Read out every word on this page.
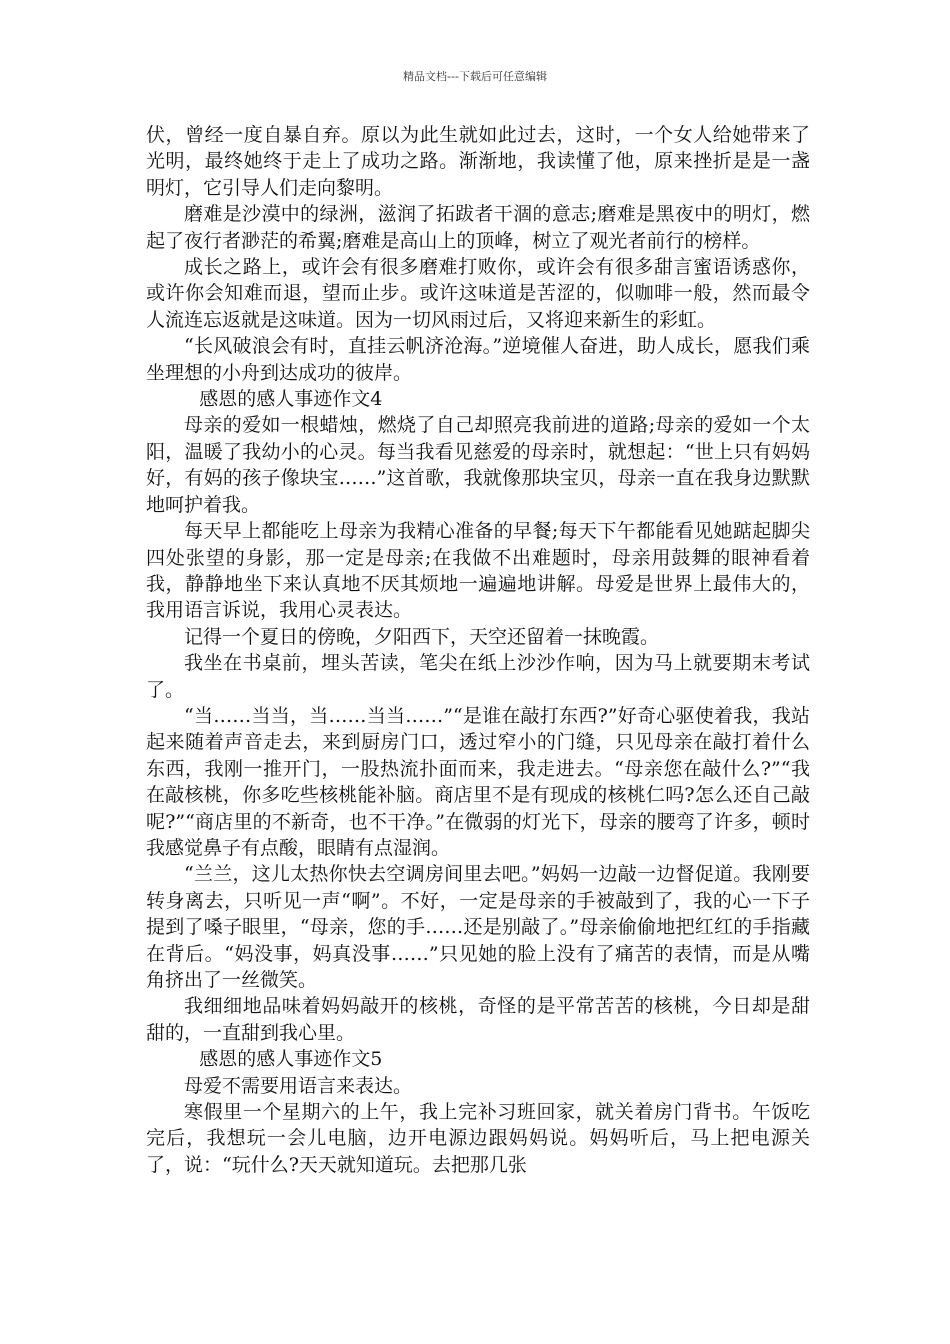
精品文档---下载后可任意编辑

伏，曾经一度自暴自弃。原以为此生就如此过去，这时，一个女人给她带来了光明，最终她终于走上了成功之路。渐渐地，我读懂了他，原来挫折是是一盏明灯，它引导人们走向黎明。

磨难是沙漠中的绿洲，滋润了拓跋者干涸的意志;磨难是黑夜中的明灯，燃起了夜行者渺茫的希翼;磨难是高山上的顶峰，树立了观光者前行的榜样。

成长之路上，或许会有很多磨难打败你，或许会有很多甜言蜜语诱惑你，或许你会知难而退，望而止步。或许这味道是苦涩的，似咖啡一般，然而最令人流连忘返就是这味道。因为一切风雨过后，又将迎来新生的彩虹。

“长风破浪会有时，直挂云帆济沧海。”逆境催人奋进，助人成长，愿我们乘坐理想的小舟到达成功的彼岸。

感恩的感人事迹作文4

母亲的爱如一根蜡烛，燃烧了自己却照亮我前进的道路;母亲的爱如一个太阳，温暖了我幼小的心灵。每当我看见慈爱的母亲时，就想起：“世上只有妈妈好，有妈的孩子像块宝……”这首歌，我就像那块宝贝，母亲一直在我身边默默地呵护着我。

每天早上都能吃上母亲为我精心准备的早餐;每天下午都能看见她踮起脚尖四处张望的身影，那一定是母亲;在我做不出难题时，母亲用鼓舞的眼神看着我，静静地坐下来认真地不厌其烦地一遍遍地讲解。母爱是世界上最伟大的，我用语言诉说，我用心灵表达。

记得一个夏日的傍晚，夕阳西下，天空还留着一抹晚霞。

我坐在书桌前，埋头苦读，笔尖在纸上沙沙作响，因为马上就要期末考试了。

“当……当当，当……当当……”“是谁在敲打东西?”好奇心驱使着我，我站起来随着声音走去，来到厨房门口，透过窄小的门缝，只见母亲在敲打着什么东西，我刚一推开门，一股热流扑面而来，我走进去。“母亲您在敲什么?”“我在敲核桃，你多吃些核桃能补脑。商店里不是有现成的核桃仁吗?怎么还自己敲呢?”“商店里的不新奇，也不干净。”在微弱的灯光下，母亲的腰弯了许多，顿时我感觉鼻子有点酸，眼睛有点湿润。

“兰兰，这儿太热你快去空调房间里去吧。”妈妈一边敲一边督促道。我刚要转身离去，只听见一声“啊”。不好，一定是母亲的手被敲到了，我的心一下子提到了嗓子眼里，“母亲，您的手……还是别敲了。”母亲偷偷地把红红的手指藏在背后。“妈没事，妈真没事……”只见她的脸上没有了痛苦的表情，而是从嘴角挤出了一丝微笑。

我细细地品味着妈妈敲开的核桃，奇怪的是平常苦苦的核桃，今日却是甜甜的，一直甜到我心里。

感恩的感人事迹作文5

母爱不需要用语言来表达。

寒假里一个星期六的上午，我上完补习班回家，就关着房门背书。午饭吃完后，我想玩一会儿电脑，边开电源边跟妈妈说。妈妈听后，马上把电源关了，说：“玩什么?天天就知道玩。去把那几张
